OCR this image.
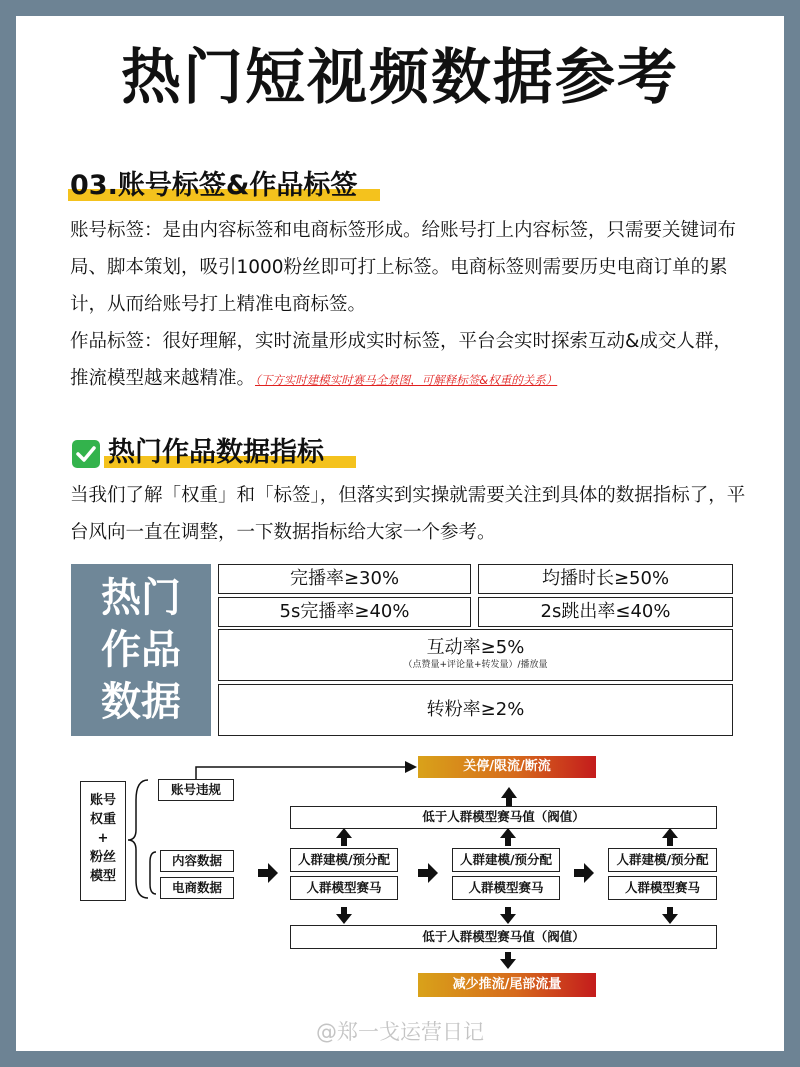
热门短视频数据参考
03.账号标签&作品标签

账号标签：是由内容标签和电商标签形成。给账号打上内容标签，只需要关键词布局、脚本策划，吸引1000粉丝即可打上标签。电商标签则需要历史电商订单的累计，从而给账号打上精准电商标签。

作品标签：很好理解，实时流量形成实时标签，平台会实时探索互动&成交人群，推流模型越来越精准。（下方实时建模实时赛马全景图，可解释标签&权重的关系）

热门作品数据指标

当我们了解「权重」和「标签」，但落实到实操就需要关注到具体的数据指标了，平台风向一直在调整，一下数据指标给大家一个参考。

热门
作品
数据
完播率≥30%	均播时长≥50%
5s完播率≥40%	2s跳出率≤40%
互动率≥5%
（点赞量+评论量+转发量）/播放量
转粉率≥2%
账号
权重
+
粉丝
模型
账号违规
内容数据
电商数据
关停/限流/断流
低于人群模型赛马值（阀值）
人群建模/预分配
人群模型赛马
人群建模/预分配
人群模型赛马
人群建模/预分配
人群模型赛马
低于人群模型赛马值（阀值）
减少推流/尾部流量
@郑一戈运营日记
